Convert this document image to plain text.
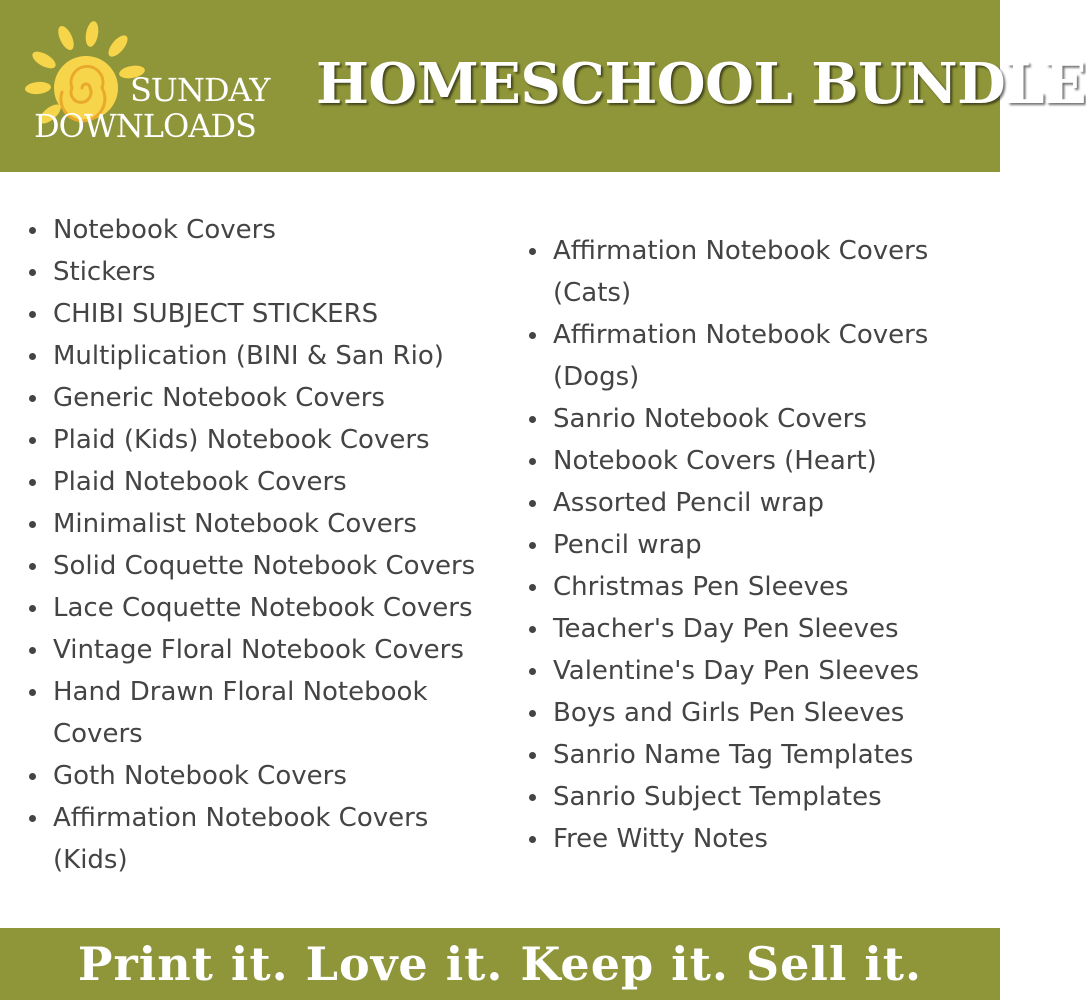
SUNDAY
DOWNLOADS
HOMESCHOOL BUNDLE
Notebook Covers
Stickers
CHIBI SUBJECT STICKERS
Multiplication (BINI & San Rio)
Generic Notebook Covers
Plaid (Kids) Notebook Covers
Plaid Notebook Covers
Minimalist Notebook Covers
Solid Coquette Notebook Covers
Lace Coquette Notebook Covers
Vintage Floral Notebook Covers
Hand Drawn Floral Notebook Covers
Goth Notebook Covers
Affirmation Notebook Covers (Kids)
Affirmation Notebook Covers (Cats)
Affirmation Notebook Covers (Dogs)
Sanrio Notebook Covers
Notebook Covers (Heart)
Assorted Pencil wrap
Pencil wrap
Christmas Pen Sleeves
Teacher's Day Pen Sleeves
Valentine's Day Pen Sleeves
Boys and Girls Pen Sleeves
Sanrio Name Tag Templates
Sanrio Subject Templates
Free Witty Notes
Print it. Love it. Keep it. Sell it.
